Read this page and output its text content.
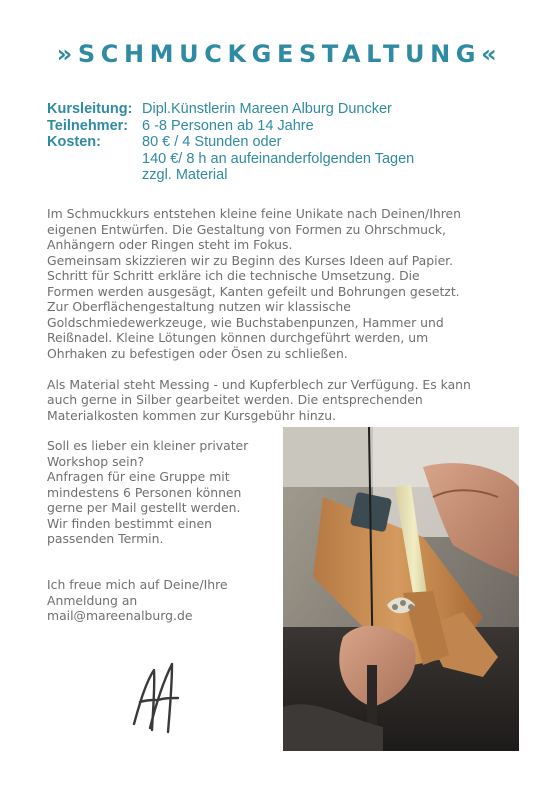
»SCHMUCKGESTALTUNG«
Kursleitung: Dipl.Künstlerin Mareen Alburg Duncker
Teilnehmer: 6 -8 Personen ab 14 Jahre
Kosten:	80 € / 4 Stunden oder
140 €/ 8 h an aufeinanderfolgenden Tagen
zzgl. Material

Im Schmuckkurs entstehen kleine feine Unikate nach Deinen/Ihren
eigenen Entwürfen. Die Gestaltung von Formen zu Ohrschmuck,
Anhängern oder Ringen steht im Fokus.
Gemeinsam skizzieren wir zu Beginn des Kurses Ideen auf Papier.
Schritt für Schritt erkläre ich die technische Umsetzung. Die
Formen werden ausgesägt, Kanten gefeilt und Bohrungen gesetzt.
Zur Oberflächengestaltung nutzen wir klassische
Goldschmiedewerkzeuge, wie Buchstabenpunzen, Hammer und
Reißnadel. Kleine Lötungen können durchgeführt werden, um
Ohrhaken zu befestigen oder Ösen zu schließen.

Als Material steht Messing - und Kupferblech zur Verfügung. Es kann
auch gerne in Silber gearbeitet werden. Die entsprechenden
Materialkosten kommen zur Kursgebühr hinzu.

Soll es lieber ein kleiner privater
Workshop sein?
Anfragen für eine Gruppe mit
mindestens 6 Personen können
gerne per Mail gestellt werden.
Wir finden bestimmt einen
passenden Termin.
Ich freue mich auf Deine/Ihre
Anmeldung an
mail@mareenalburg.de
